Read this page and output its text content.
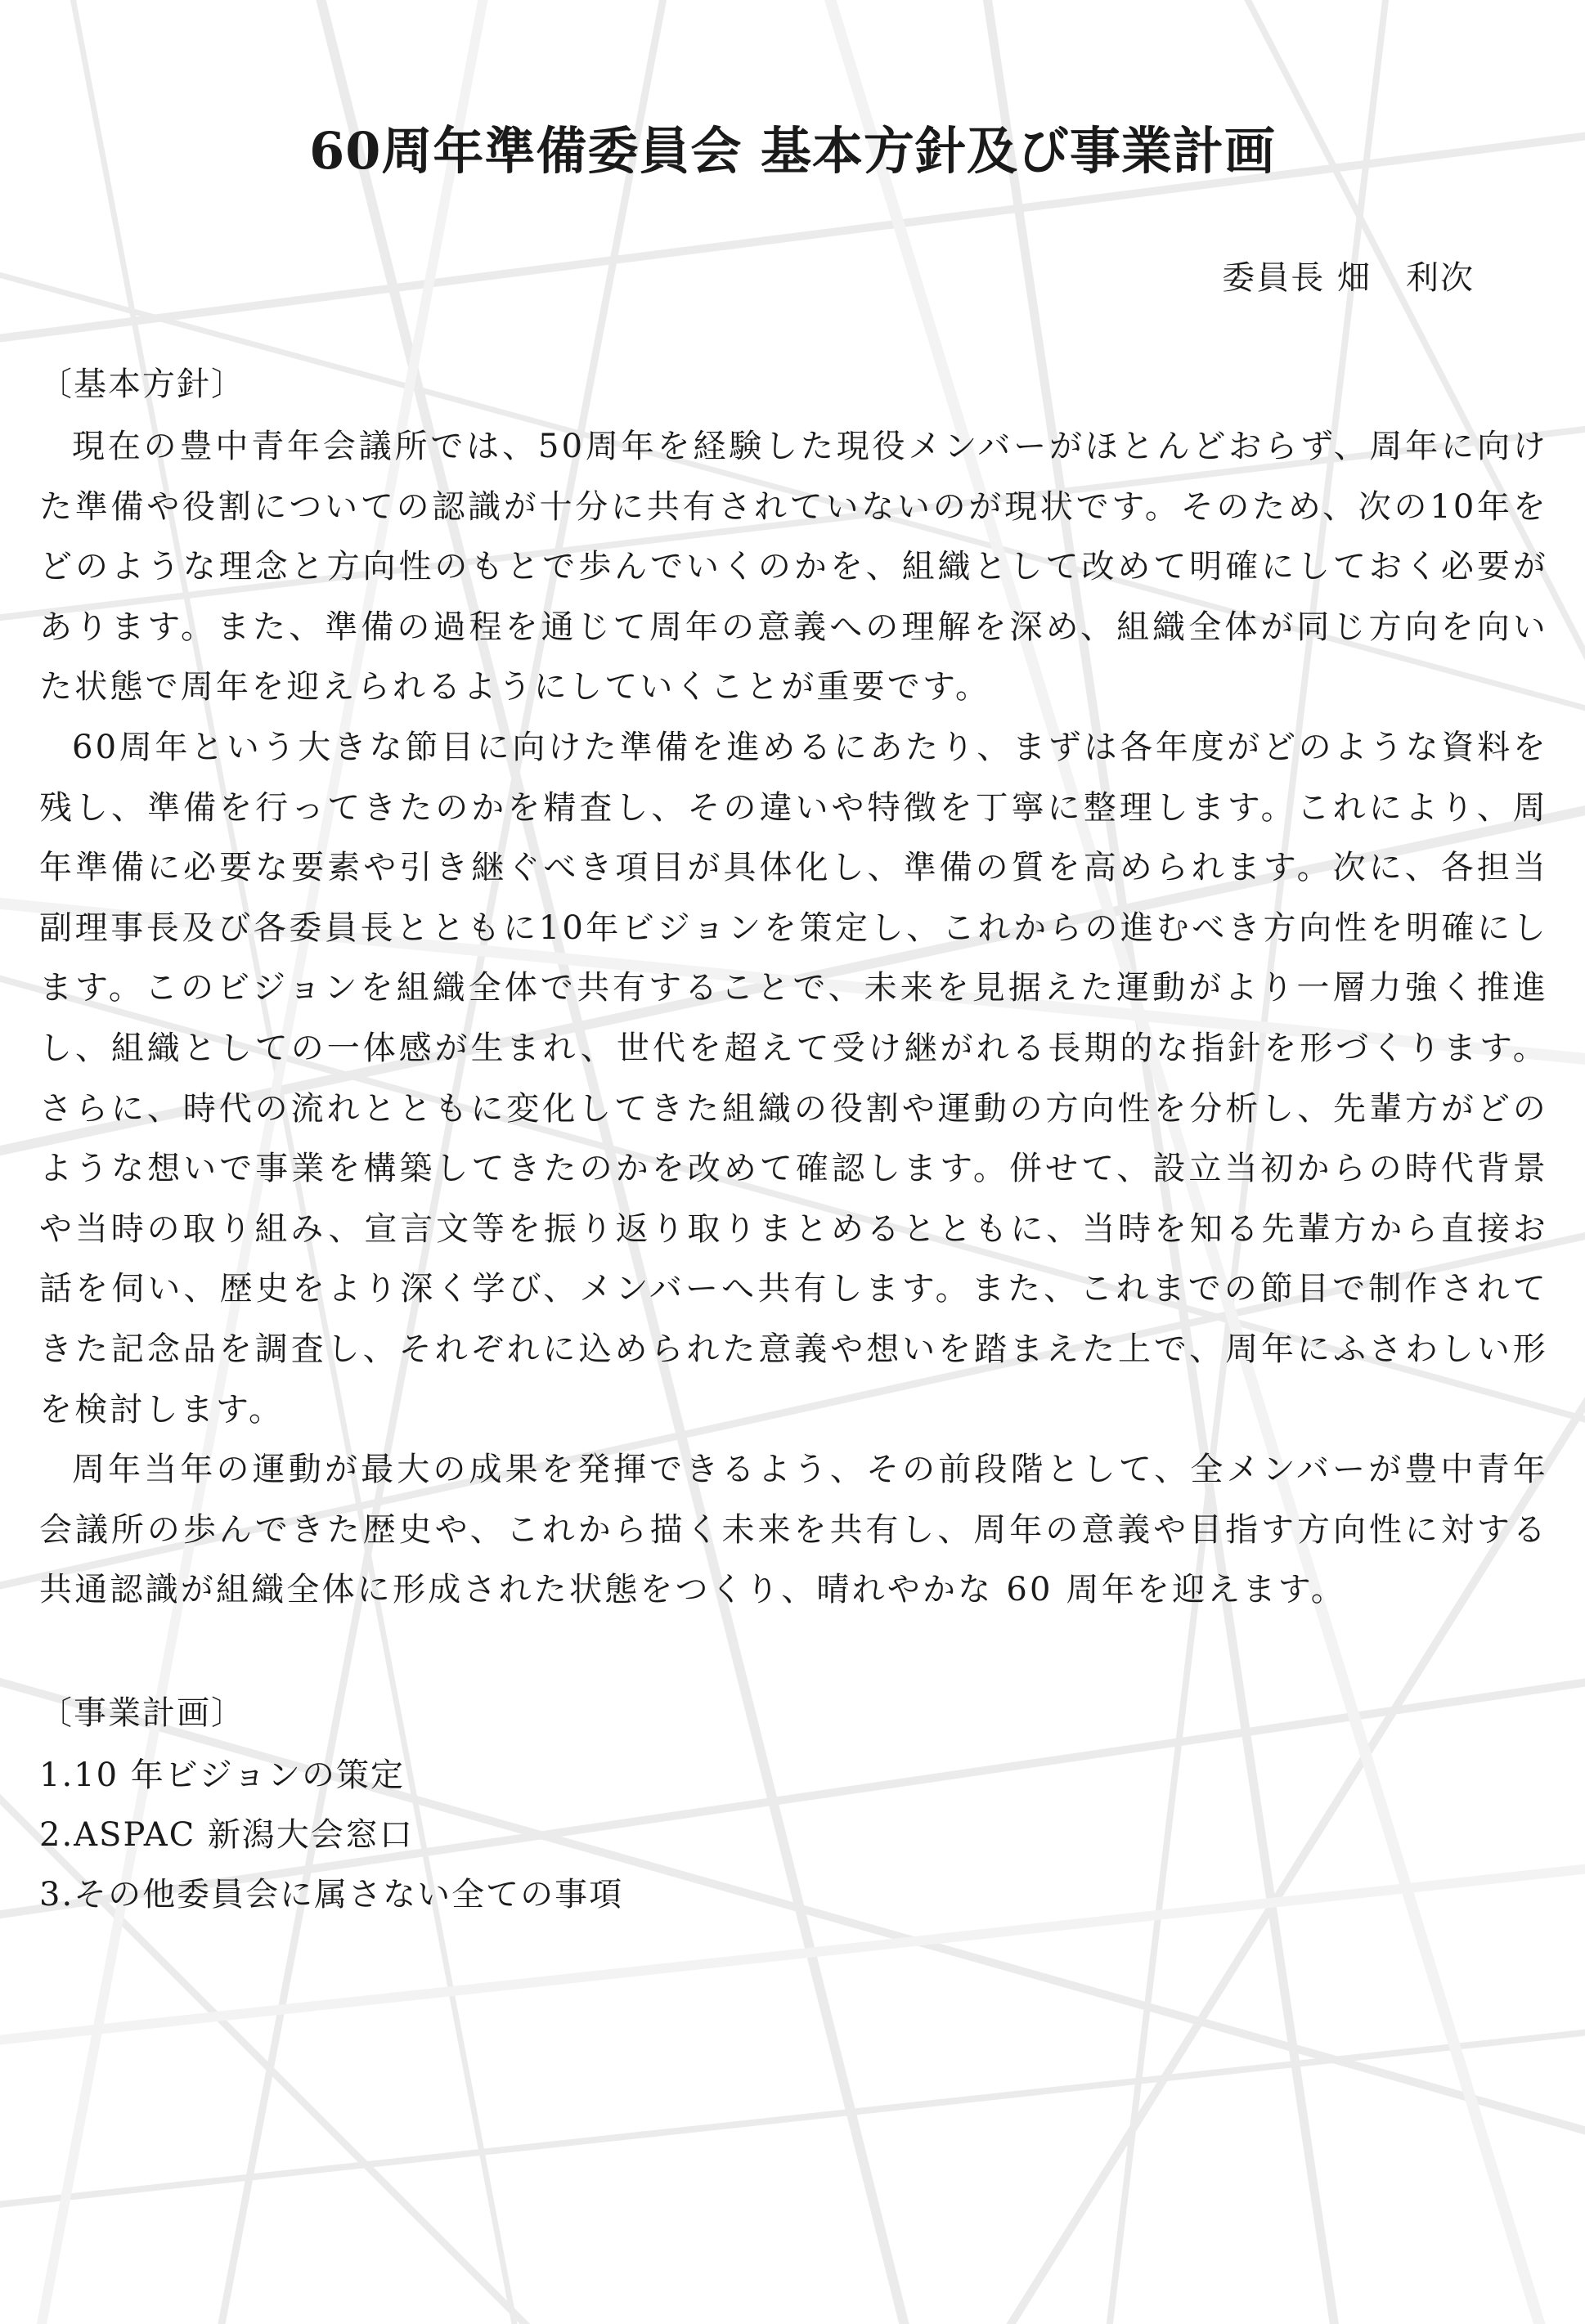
60周年準備委員会 基本方針及び事業計画
委員長 畑　利次
〔基本方針〕

現在の豊中青年会議所では、50周年を経験した現役メンバーがほとんどおらず、周年に向けた準備や役割についての認識が十分に共有されていないのが現状です。そのため、次の10年をどのような理念と方向性のもとで歩んでいくのかを、組織として改めて明確にしておく必要があります。また、準備の過程を通じて周年の意義への理解を深め、組織全体が同じ方向を向いた状態で周年を迎えられるようにしていくことが重要です。

60周年という大きな節目に向けた準備を進めるにあたり、まずは各年度がどのような資料を残し、準備を行ってきたのかを精査し、その違いや特徴を丁寧に整理します。これにより、周年準備に必要な要素や引き継ぐべき項目が具体化し、準備の質を高められます。次に、各担当副理事長及び各委員長とともに10年ビジョンを策定し、これからの進むべき方向性を明確にします。このビジョンを組織全体で共有することで、未来を見据えた運動がより一層力強く推進し、組織としての一体感が生まれ、世代を超えて受け継がれる長期的な指針を形づくります。さらに、時代の流れとともに変化してきた組織の役割や運動の方向性を分析し、先輩方がどのような想いで事業を構築してきたのかを改めて確認します。併せて、設立当初からの時代背景や当時の取り組み、宣言文等を振り返り取りまとめるとともに、当時を知る先輩方から直接お話を伺い、歴史をより深く学び、メンバーへ共有します。また、これまでの節目で制作されてきた記念品を調査し、それぞれに込められた意義や想いを踏まえた上で、周年にふさわしい形を検討します。

周年当年の運動が最大の成果を発揮できるよう、その前段階として、全メンバーが豊中青年会議所の歩んできた歴史や、これから描く未来を共有し、周年の意義や目指す方向性に対する共通認識が組織全体に形成された状態をつくり、晴れやかな 60 周年を迎えます。

〔事業計画〕
1.10 年ビジョンの策定
2.ASPAC 新潟大会窓口
3.その他委員会に属さない全ての事項
